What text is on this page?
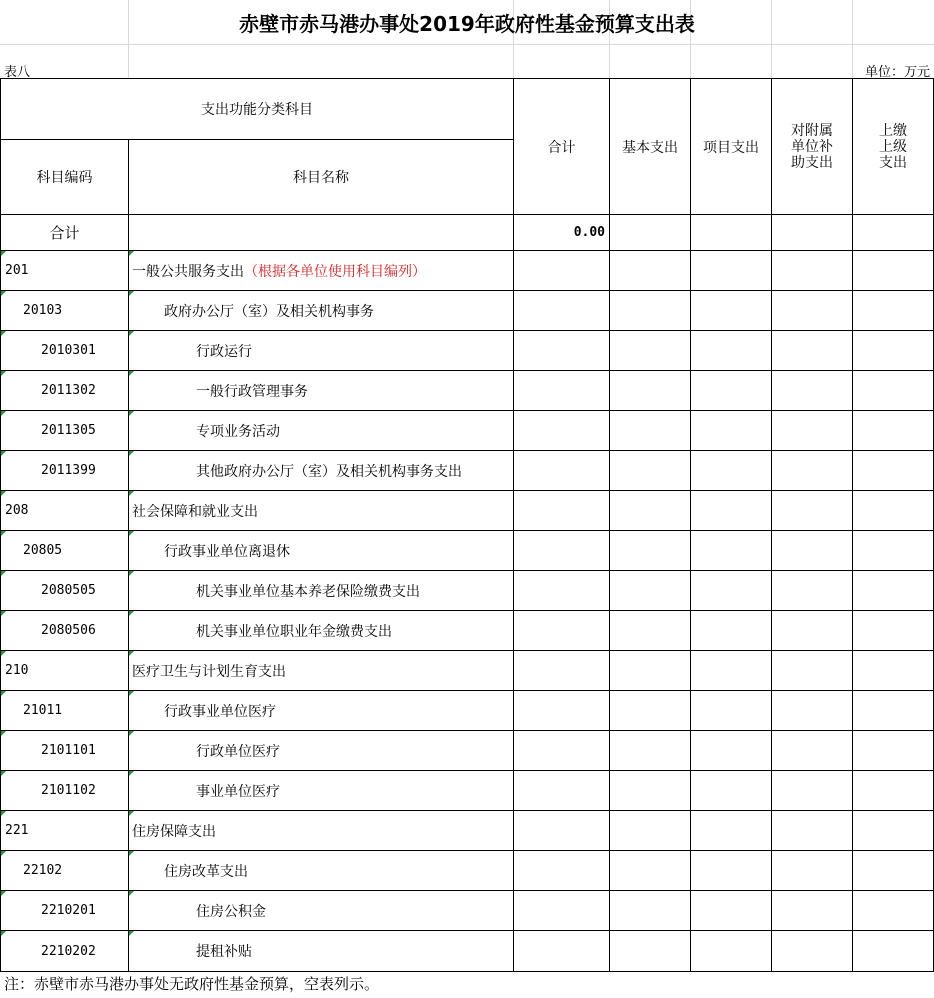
赤壁市赤马港办事处2019年政府性基金预算支出表
表八	单位：万元
支出功能分类科目		合计	基本支出	项目支出	对附属单位补助支出	上缴上级支出
科目编码	科目名称					
合计		0.00				

201	一般公共服务支出（根据各单位使用科目编列）					

20103	政府办公厅（室）及相关机构事务					

2010301	行政运行					

2011302	一般行政管理事务					

2011305	专项业务活动					

2011399	其他政府办公厅（室）及相关机构事务支出					

208	社会保障和就业支出					

20805	行政事业单位离退休					

2080505	机关事业单位基本养老保险缴费支出					

2080506	机关事业单位职业年金缴费支出					

210	医疗卫生与计划生育支出					

21011	行政事业单位医疗					

2101101	行政单位医疗					

2101102	事业单位医疗					

221	住房保障支出					

22102	住房改革支出					

2210201	住房公积金					

2210202	提租补贴					
注：赤壁市赤马港办事处无政府性基金预算，空表列示。
